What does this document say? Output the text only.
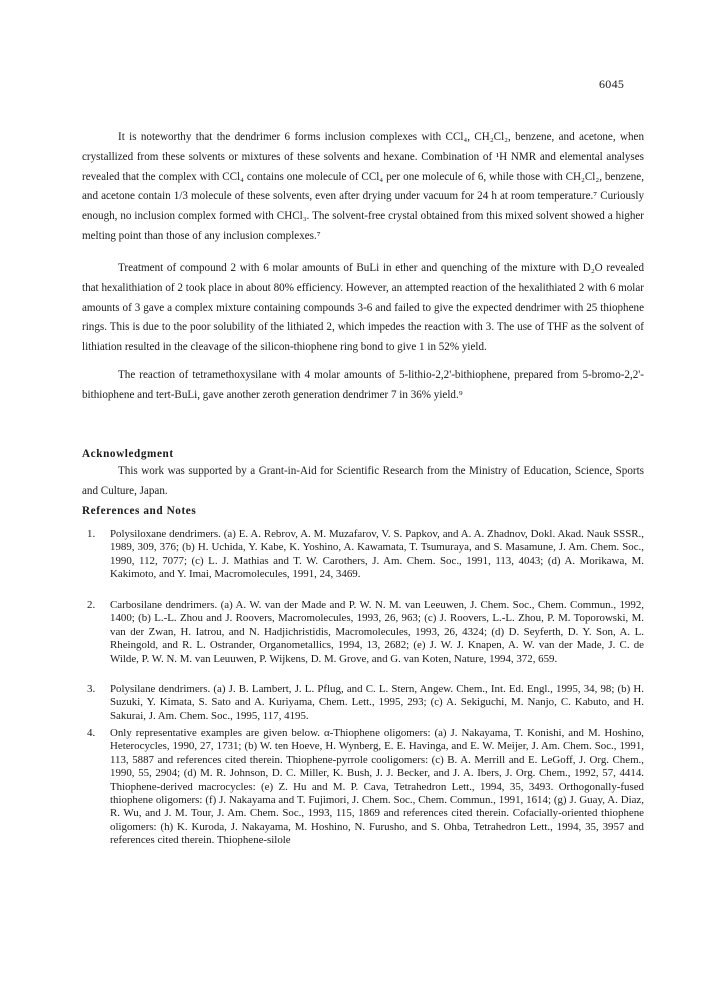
6045

It is noteworthy that the dendrimer 6 forms inclusion complexes with CCl₄, CH₂Cl₂, benzene, and acetone, when crystallized from these solvents or mixtures of these solvents and hexane. Combination of ¹H NMR and elemental analyses revealed that the complex with CCl₄ contains one molecule of CCl₄ per one molecule of 6, while those with CH₂Cl₂, benzene, and acetone contain 1/3 molecule of these solvents, even after drying under vacuum for 24 h at room temperature.⁷ Curiously enough, no inclusion complex formed with CHCl₃. The solvent-free crystal obtained from this mixed solvent showed a higher melting point than those of any inclusion complexes.⁷

Treatment of compound 2 with 6 molar amounts of BuLi in ether and quenching of the mixture with D₂O revealed that hexalithiation of 2 took place in about 80% efficiency. However, an attempted reaction of the hexalithiated 2 with 6 molar amounts of 3 gave a complex mixture containing compounds 3-6 and failed to give the expected dendrimer with 25 thiophene rings. This is due to the poor solubility of the lithiated 2, which impedes the reaction with 3. The use of THF as the solvent of lithiation resulted in the cleavage of the silicon-thiophene ring bond to give 1 in 52% yield.

The reaction of tetramethoxysilane with 4 molar amounts of 5-lithio-2,2'-bithiophene, prepared from 5-bromo-2,2'-bithiophene and tert-BuLi, gave another zeroth generation dendrimer 7 in 36% yield.⁹

Acknowledgment

This work was supported by a Grant-in-Aid for Scientific Research from the Ministry of Education, Science, Sports and Culture, Japan.

References and Notes
1. Polysiloxane dendrimers. (a) E. A. Rebrov, A. M. Muzafarov, V. S. Papkov, and A. A. Zhadnov, Dokl. Akad. Nauk SSSR., 1989, 309, 376; (b) H. Uchida, Y. Kabe, K. Yoshino, A. Kawamata, T. Tsumuraya, and S. Masamune, J. Am. Chem. Soc., 1990, 112, 7077; (c) L. J. Mathias and T. W. Carothers, J. Am. Chem. Soc., 1991, 113, 4043; (d) A. Morikawa, M. Kakimoto, and Y. Imai, Macromolecules, 1991, 24, 3469.
2. Carbosilane dendrimers. (a) A. W. van der Made and P. W. N. M. van Leeuwen, J. Chem. Soc., Chem. Commun., 1992, 1400; (b) L.-L. Zhou and J. Roovers, Macromolecules, 1993, 26, 963; (c) J. Roovers, L.-L. Zhou, P. M. Toporowski, M. van der Zwan, H. Iatrou, and N. Hadjichristidis, Macromolecules, 1993, 26, 4324; (d) D. Seyferth, D. Y. Son, A. L. Rheingold, and R. L. Ostrander, Organometallics, 1994, 13, 2682; (e) J. W. J. Knapen, A. W. van der Made, J. C. de Wilde, P. W. N. M. van Leuuwen, P. Wijkens, D. M. Grove, and G. van Koten, Nature, 1994, 372, 659.
3. Polysilane dendrimers. (a) J. B. Lambert, J. L. Pflug, and C. L. Stern, Angew. Chem., Int. Ed. Engl., 1995, 34, 98; (b) H. Suzuki, Y. Kimata, S. Sato and A. Kuriyama, Chem. Lett., 1995, 293; (c) A. Sekiguchi, M. Nanjo, C. Kabuto, and H. Sakurai, J. Am. Chem. Soc., 1995, 117, 4195.
4. Only representative examples are given below. α-Thiophene oligomers: (a) J. Nakayama, T. Konishi, and M. Hoshino, Heterocycles, 1990, 27, 1731; (b) W. ten Hoeve, H. Wynberg, E. E. Havinga, and E. W. Meijer, J. Am. Chem. Soc., 1991, 113, 5887 and references cited therein. Thiophene-pyrrole cooligomers: (c) B. A. Merrill and E. LeGoff, J. Org. Chem., 1990, 55, 2904; (d) M. R. Johnson, D. C. Miller, K. Bush, J. J. Becker, and J. A. Ibers, J. Org. Chem., 1992, 57, 4414. Thiophene-derived macrocycles: (e) Z. Hu and M. P. Cava, Tetrahedron Lett., 1994, 35, 3493. Orthogonally-fused thiophene oligomers: (f) J. Nakayama and T. Fujimori, J. Chem. Soc., Chem. Commun., 1991, 1614; (g) J. Guay, A. Diaz, R. Wu, and J. M. Tour, J. Am. Chem. Soc., 1993, 115, 1869 and references cited therein. Cofacially-oriented thiophene oligomers: (h) K. Kuroda, J. Nakayama, M. Hoshino, N. Furusho, and S. Ohba, Tetrahedron Lett., 1994, 35, 3957 and references cited therein. Thiophene-silole
